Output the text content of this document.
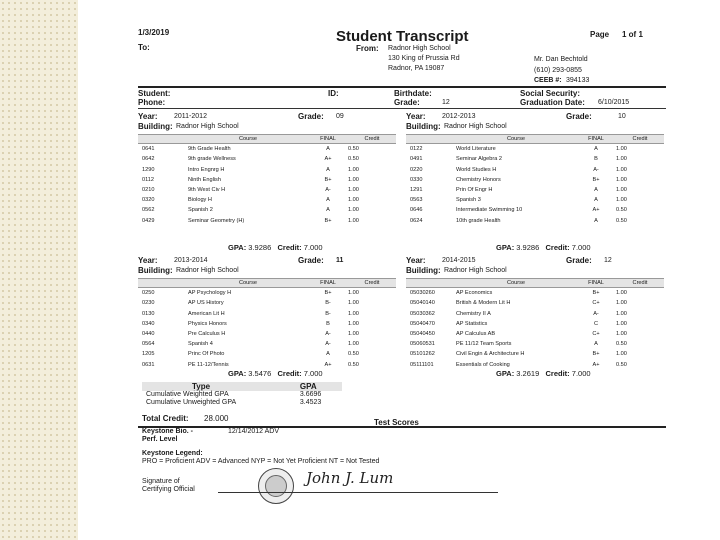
1/3/2019
To:
Student Transcript	Page 1 of 1
From: Radnor High School
130 King of Prussia Rd
Radnor, PA 19087
Mr. Dan Bechtold
(610) 293-0855
CEEB #: 394133
Student:
Phone:
ID:	Birthdate:
Grade:	12
Social Security:
Graduation Date: 6/10/2015
Year: 2011-2012	Grade: 09
Building: Radnor High School
	Course	FINAL	Credit
0641	9th Grade Health	A	0.50
0642	9th grade Wellness	A+	0.50
1290	Intro Engnrg H	A	1.00
0112	Ninth English	B+	1.00
0210	9th West Civ H	A-	1.00
0320	Biology H	A	1.00
0562	Spanish 2	A	1.00
0429	Seminar Geometry (H)	B+	1.00
GPA: 3.9286 Credit: 7.000
Year: 2012-2013	Grade:	10
Building: Radnor High School
	Course	FINAL	Credit
0122	World Literature	A	1.00
0491	Seminar Algebra 2	B	1.00
0220	World Studies H	A-	1.00
0330	Chemistry Honors	B+	1.00
1291	Prin Of Engr H	A	1.00
0563	Spanish 3	A	1.00
0646	Intermediate Swimming 10	A+	0.50
0624	10th grade Health	A	0.50
GPA: 3.9286 Credit: 7.000
Year: 2013-2014	Grade: 11
Building: Radnor High School
	Course	FINAL	Credit
0250	AP Psychology H	B+	1.00
0230	AP US History	B-	1.00
0130	American Lit H	B-	1.00
0340	Physics Honors	B	1.00
0440	Pre Calculus H	A-	1.00
0564	Spanish 4	A-	1.00
1205	Princ Of Photo	A	0.50
0631	PE 11-12/Tennis	A+	0.50
GPA: 3.5476 Credit: 7.000
Year: 2014-2015	Grade: 12
Building: Radnor High School
	Course	FINAL	Credit
05030260	AP Economics	B+	1.00
05040140	British & Modern Lit H	C+	1.00
05030362	Chemistry II A	A-	1.00
05040470	AP Statistics	C	1.00
05040450	AP Calculus AB	C+	1.00
05060531	PE 11/12 Team Sports	A	0.50
05101262	Civil Engin & Architecture H	B+	1.00
05111101	Essentials of Cooking	A+	0.50
GPA: 3.2619 Credit: 7.000
Type	GPA
Cumulative Weighted GPA	3.6696
Cumulative Unweighted GPA	3.4523
Total Credit: 28.000	Test Scores
Keystone Bio. -
Perf. Level
12/14/2012 ADV
Keystone Legend:
PRO = Proficient ADV = Advanced NYP = Not Yet Proficient NT = Not Tested
Signature of
Certifying Official
John J. Lum
